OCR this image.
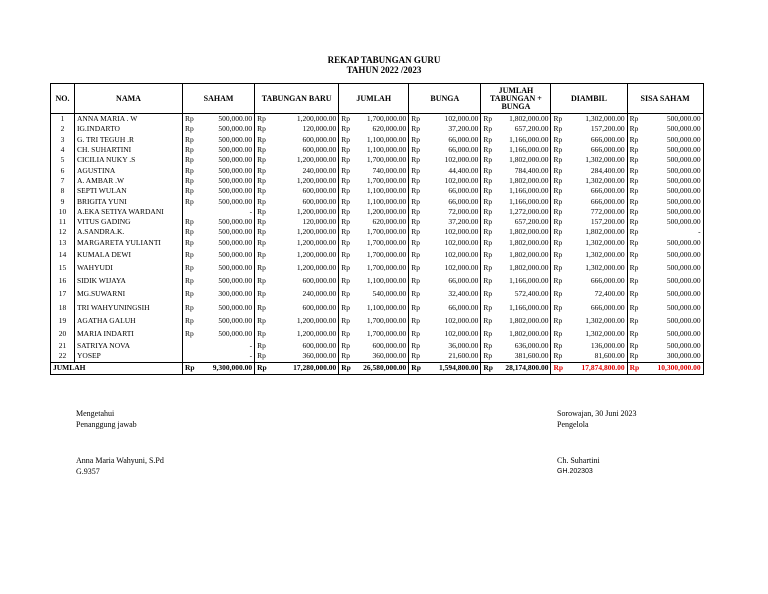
REKAP TABUNGAN GURU
TAHUN 2022 /2023
NO.	NAMA	SAHAM		TABUNGAN BARU		JUMLAH		BUNGA		JUMLAH TABUNGAN + BUNGA		DIAMBIL		SISA SAHAM	
1	ANNA MARIA . W	Rp	500,000.00	Rp	1,200,000.00	Rp	1,700,000.00	Rp	102,000.00	Rp	1,802,000.00	Rp	1,302,000.00	Rp	500,000.00
2	IG.INDARTO	Rp	500,000.00	Rp	120,000.00	Rp	620,000.00	Rp	37,200.00	Rp	657,200.00	Rp	157,200.00	Rp	500,000.00
3	G. TRI TEGUH .R	Rp	500,000.00	Rp	600,000.00	Rp	1,100,000.00	Rp	66,000.00	Rp	1,166,000.00	Rp	666,000.00	Rp	500,000.00
4	CH. SUHARTINI	Rp	500,000.00	Rp	600,000.00	Rp	1,100,000.00	Rp	66,000.00	Rp	1,166,000.00	Rp	666,000.00	Rp	500,000.00
5	CICILIA NUKY .S	Rp	500,000.00	Rp	1,200,000.00	Rp	1,700,000.00	Rp	102,000.00	Rp	1,802,000.00	Rp	1,302,000.00	Rp	500,000.00
6	AGUSTINA	Rp	500,000.00	Rp	240,000.00	Rp	740,000.00	Rp	44,400.00	Rp	784,400.00	Rp	284,400.00	Rp	500,000.00
7	A. AMBAR .W	Rp	500,000.00	Rp	1,200,000.00	Rp	1,700,000.00	Rp	102,000.00	Rp	1,802,000.00	Rp	1,302,000.00	Rp	500,000.00
8	SEPTI WULAN	Rp	500,000.00	Rp	600,000.00	Rp	1,100,000.00	Rp	66,000.00	Rp	1,166,000.00	Rp	666,000.00	Rp	500,000.00
9	BRIGITA YUNI	Rp	500,000.00	Rp	600,000.00	Rp	1,100,000.00	Rp	66,000.00	Rp	1,166,000.00	Rp	666,000.00	Rp	500,000.00
10	A.EKA SETIYA WARDANI		-	Rp	1,200,000.00	Rp	1,200,000.00	Rp	72,000.00	Rp	1,272,000.00	Rp	772,000.00	Rp	500,000.00
11	VITUS GADING	Rp	500,000.00	Rp	120,000.00	Rp	620,000.00	Rp	37,200.00	Rp	657,200.00	Rp	157,200.00	Rp	500,000.00
12	A.SANDRA.K.	Rp	500,000.00	Rp	1,200,000.00	Rp	1,700,000.00	Rp	102,000.00	Rp	1,802,000.00	Rp	1,802,000.00	Rp	-
13	MARGARETA YULIANTI	Rp	500,000.00	Rp	1,200,000.00	Rp	1,700,000.00	Rp	102,000.00	Rp	1,802,000.00	Rp	1,302,000.00	Rp	500,000.00
14	KUMALA DEWI	Rp	500,000.00	Rp	1,200,000.00	Rp	1,700,000.00	Rp	102,000.00	Rp	1,802,000.00	Rp	1,302,000.00	Rp	500,000.00
15	WAHYUDI	Rp	500,000.00	Rp	1,200,000.00	Rp	1,700,000.00	Rp	102,000.00	Rp	1,802,000.00	Rp	1,302,000.00	Rp	500,000.00
16	SIDIK WIJAYA	Rp	500,000.00	Rp	600,000.00	Rp	1,100,000.00	Rp	66,000.00	Rp	1,166,000.00	Rp	666,000.00	Rp	500,000.00
17	MG.SUWARNI	Rp	300,000.00	Rp	240,000.00	Rp	540,000.00	Rp	32,400.00	Rp	572,400.00	Rp	72,400.00	Rp	500,000.00
18	TRI WAHYUNINGSIH	Rp	500,000.00	Rp	600,000.00	Rp	1,100,000.00	Rp	66,000.00	Rp	1,166,000.00	Rp	666,000.00	Rp	500,000.00
19	AGATHA GALUH	Rp	500,000.00	Rp	1,200,000.00	Rp	1,700,000.00	Rp	102,000.00	Rp	1,802,000.00	Rp	1,302,000.00	Rp	500,000.00
20	MARIA INDARTI	Rp	500,000.00	Rp	1,200,000.00	Rp	1,700,000.00	Rp	102,000.00	Rp	1,802,000.00	Rp	1,302,000.00	Rp	500,000.00
21	SATRIYA NOVA		-	Rp	600,000.00	Rp	600,000.00	Rp	36,000.00	Rp	636,000.00	Rp	136,000.00	Rp	500,000.00
22	YOSEP		-	Rp	360,000.00	Rp	360,000.00	Rp	21,600.00	Rp	381,600.00	Rp	81,600.00	Rp	300,000.00
JUMLAH		Rp	9,300,000.00	Rp	17,280,000.00	Rp	26,580,000.00	Rp	1,594,800.00	Rp	28,174,800.00	Rp	17,874,800.00	Rp	10,300,000.00
Mengetahui
Penanggung jawab
Anna Maria Wahyuni, S.Pd
G.9357
Sorowajan, 30 Juni 2023
Pengelola
Ch. Suhartini
GH.202303
